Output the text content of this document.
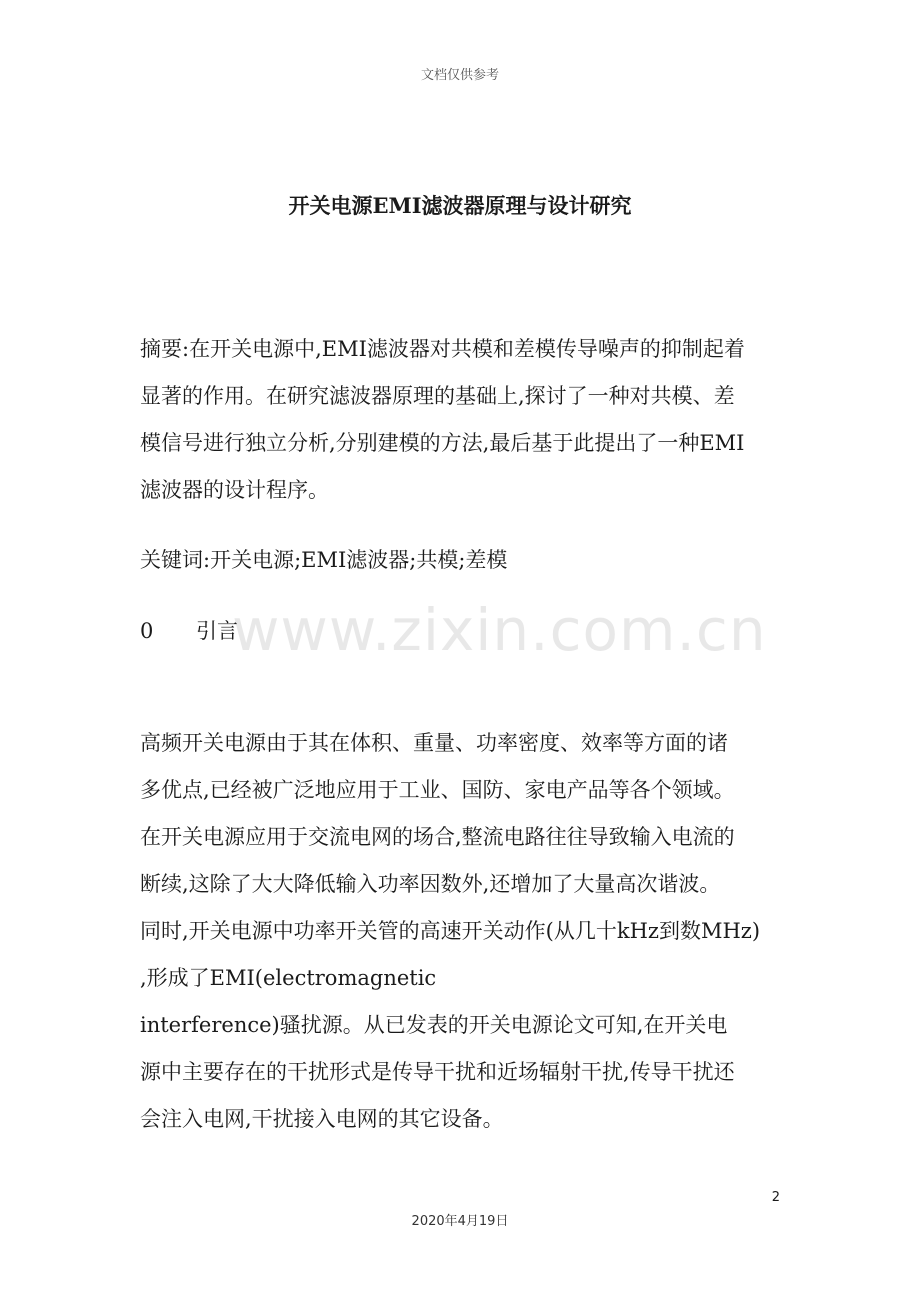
文档仅供参考
开关电源EMI滤波器原理与设计研究

摘要:在开关电源中,EMI滤波器对共模和差模传导噪声的抑制起着

显著的作用。在研究滤波器原理的基础上,探讨了一种对共模、差

模信号进行独立分析,分别建模的方法,最后基于此提出了一种EMI

滤波器的设计程序。

关键词:开关电源;EMI滤波器;共模;差模

0 引言

www.zixin.com.cn

高频开关电源由于其在体积、重量、功率密度、效率等方面的诸

多优点,已经被广泛地应用于工业、国防、家电产品等各个领域。

在开关电源应用于交流电网的场合,整流电路往往导致输入电流的

断续,这除了大大降低输入功率因数外,还增加了大量高次谐波。

同时,开关电源中功率开关管的高速开关动作(从几十kHz到数MHz)

,形成了EMI(electromagnetic

interference)骚扰源。从已发表的开关电源论文可知,在开关电

源中主要存在的干扰形式是传导干扰和近场辐射干扰,传导干扰还

会注入电网,干扰接入电网的其它设备。

2
2020年4月19日
